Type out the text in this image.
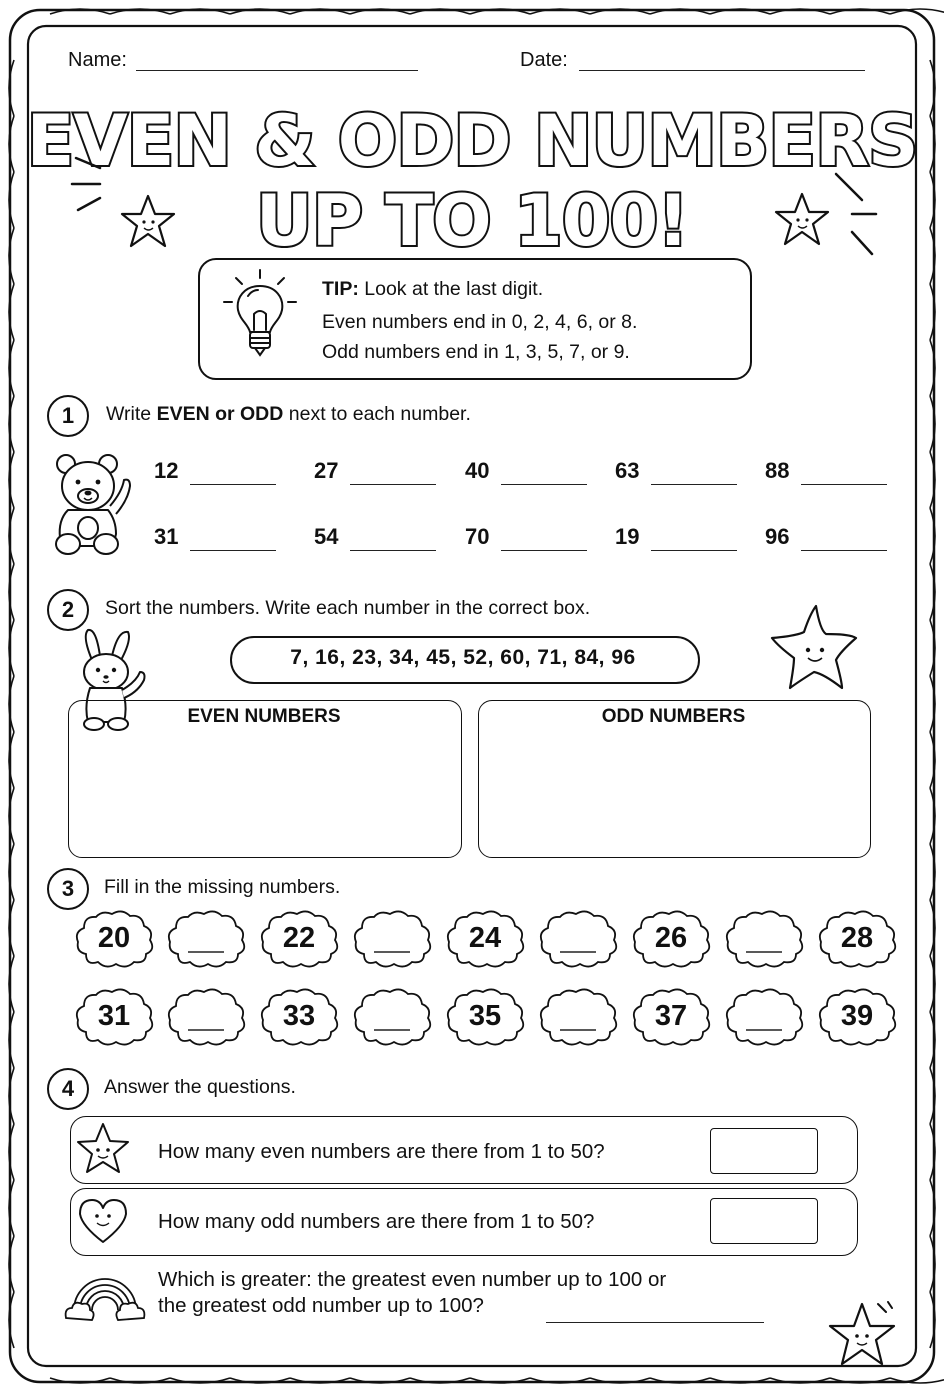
Name:	Date:
EVEN & ODD NUMBERS
UP TO 100!
TIP: Look at the last digit.
Even numbers end in 0, 2, 4, 6, or 8.
Odd numbers end in 1, 3, 5, 7, or 9.
1	Write EVEN or ODD next to each number.
12	27	40	63	88
31	54	70	19	96
2	Sort the numbers. Write each number in the correct box.
7, 16, 23, 34, 45, 52, 60, 71, 84, 96
EVEN NUMBERS	ODD NUMBERS
3	Fill in the missing numbers.
20	22	24	26	28
31	33	35	37	39
4	Answer the questions.
How many even numbers are there from 1 to 50?
How many odd numbers are there from 1 to 50?
Which is greater: the greatest even number up to 100 or
the greatest odd number up to 100?
